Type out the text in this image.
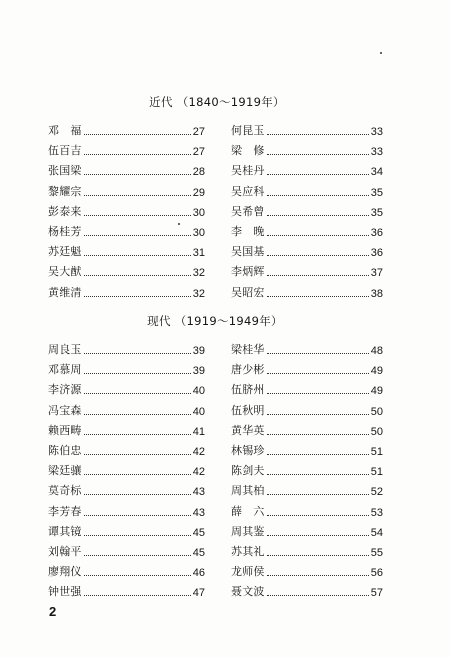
近代 （1840～1919年）
邓　福	27
伍百吉	27
张国梁	28
黎耀宗	29
彭泰来	30
杨桂芳	30
苏廷魁	31
吴大猷	32
黄维清	32
何昆玉	33
梁　修	33
吴桂丹	34
吴应科	35
吴希曾	35
李　晚	36
吴国基	36
李炳辉	37
吴昭宏	38
现代 （1919～1949年）
周良玉	39
邓慕周	39
李济源	40
冯宝森	40
赖西畴	41
陈伯忠	42
梁廷骧	42
莫奇标	43
李芳春	43
谭其镜	45
刘翰平	45
廖翔仪	46
钟世强	47
梁桂华	48
唐少彬	49
伍脐州	49
伍秋明	50
黄华英	50
林锡珍	51
陈剑夫	51
周其柏	52
薛　六	53
周其鉴	54
苏其礼	55
龙师侯	56
聂文波	57
2
